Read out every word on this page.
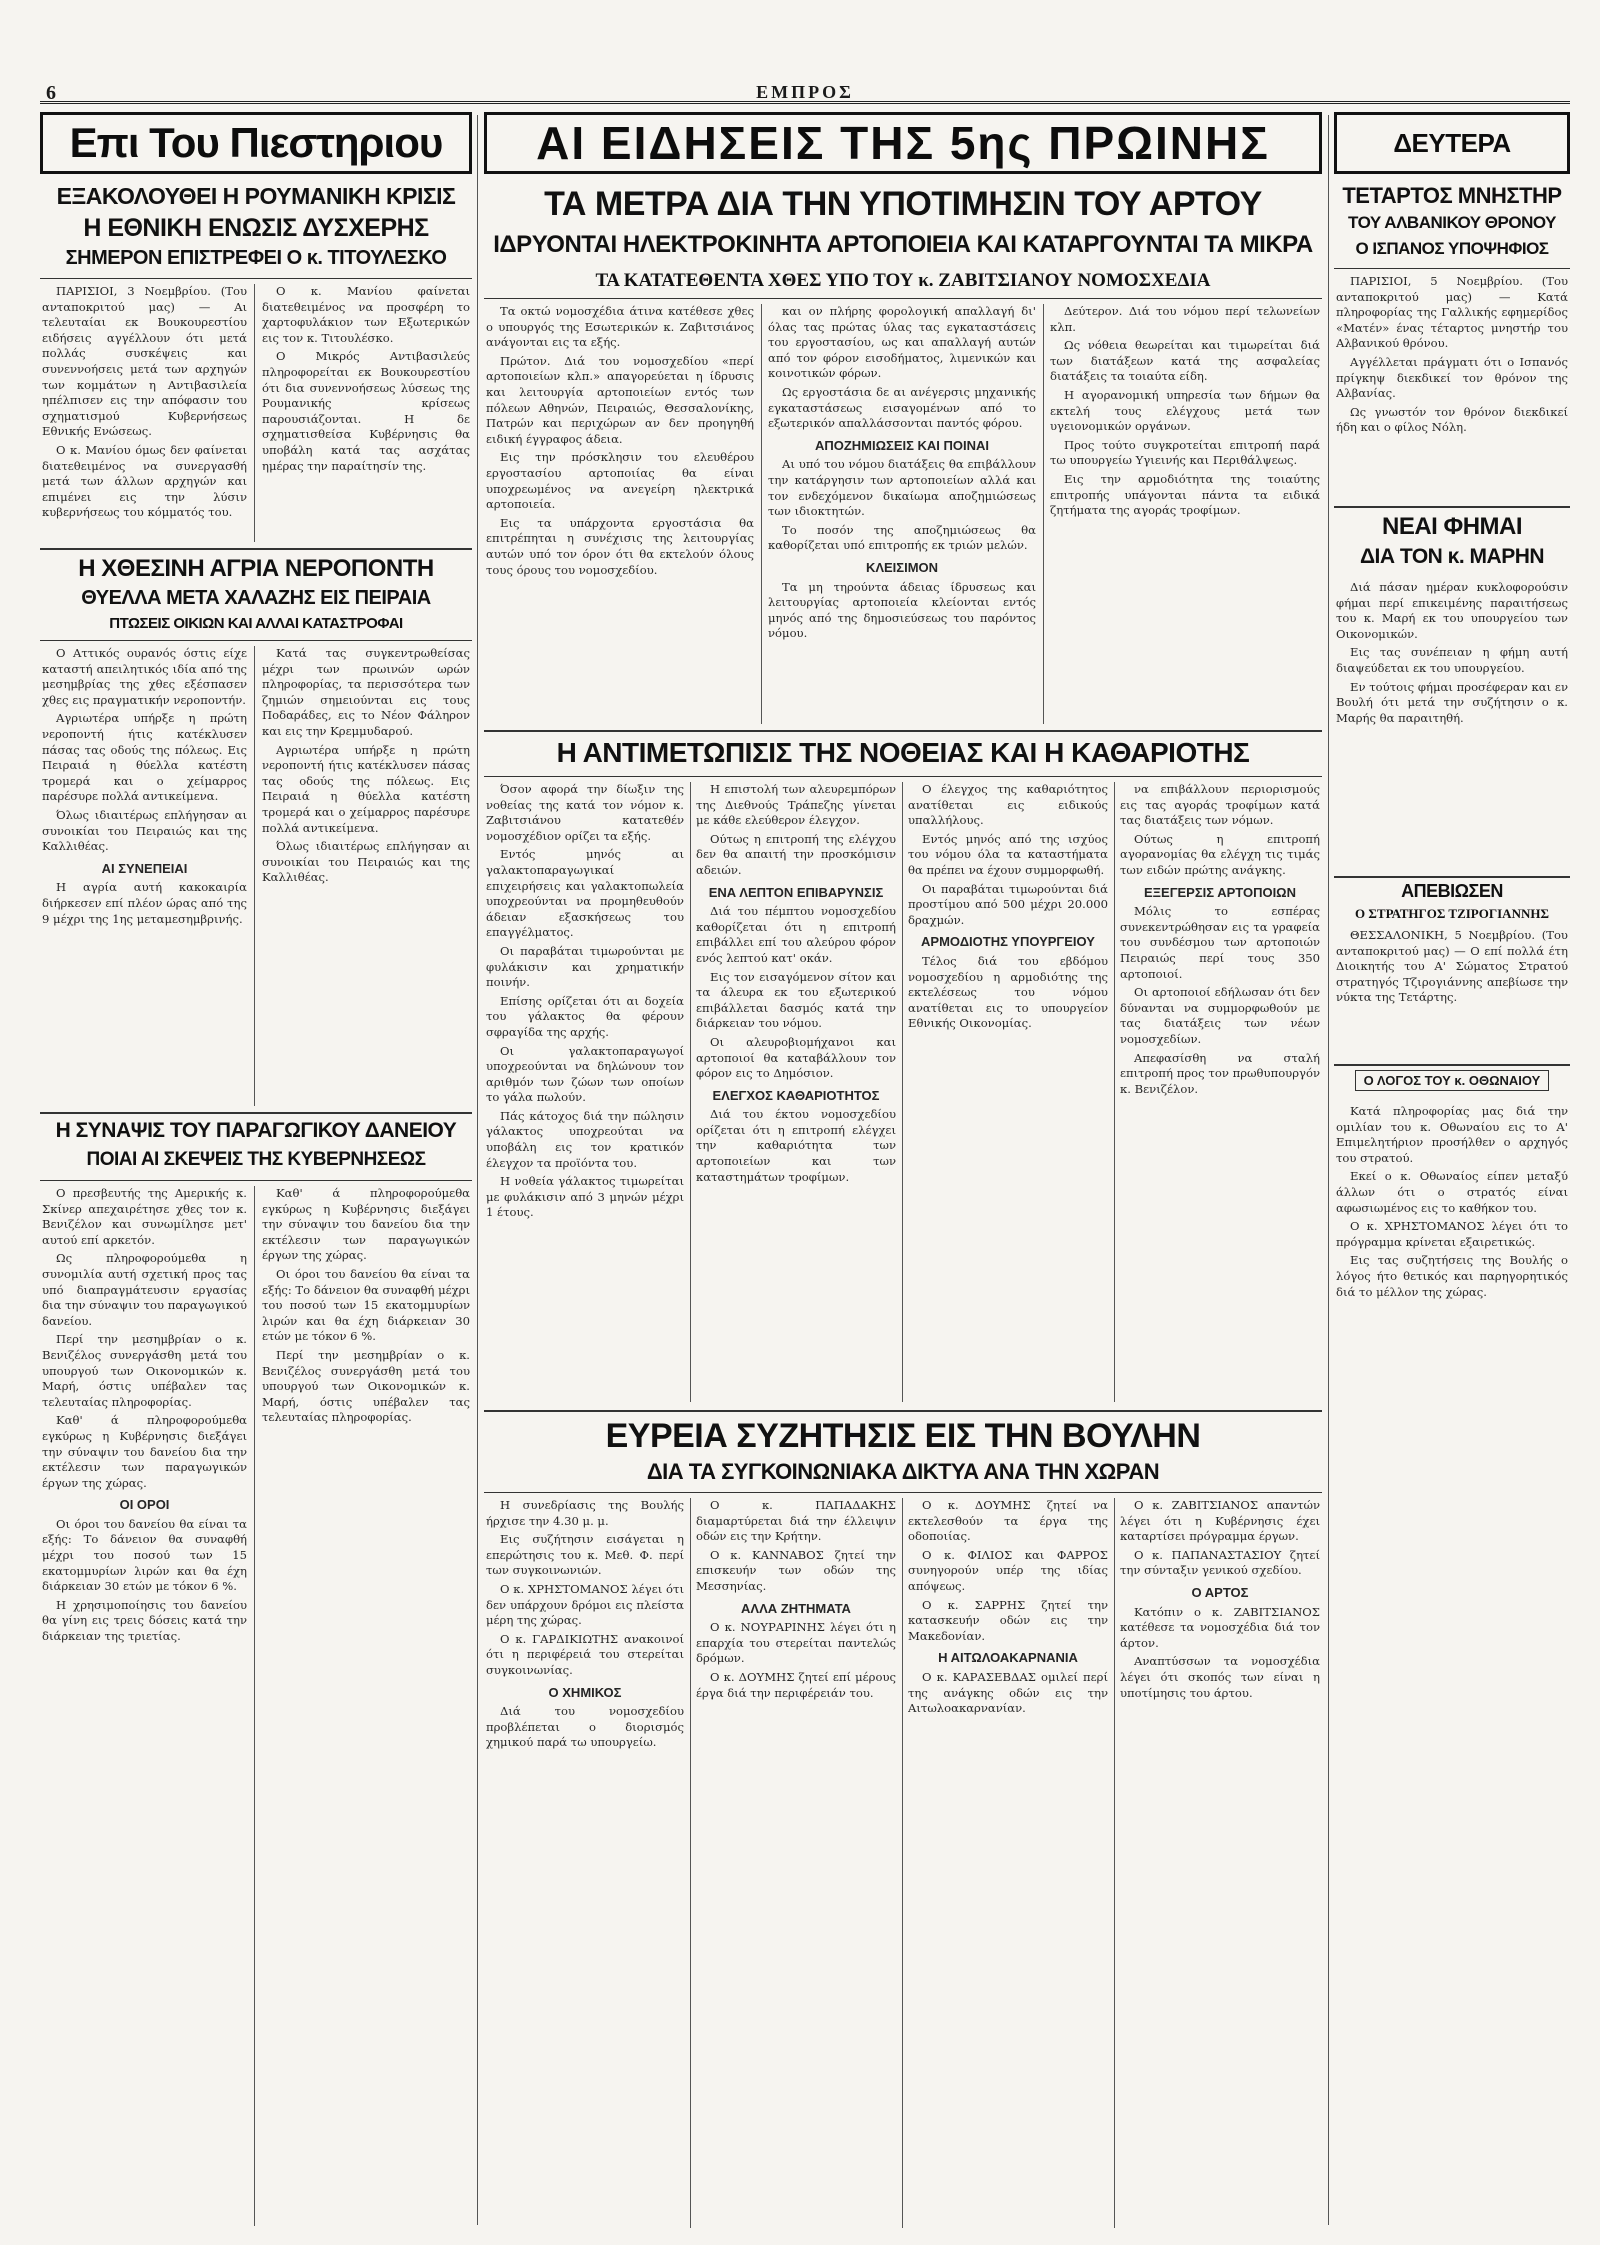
6	ΕΜΠΡΟΣ
Επι Του Πιεστηριου
ΕΞΑΚΟΛΟΥΘΕΙ Η ΡΟΥΜΑΝΙΚΗ ΚΡΙΣΙΣ
Η ΕΘΝΙΚΗ ΕΝΩΣΙΣ ΔΥΣΧΕΡΗΣ
ΣΗΜΕΡΟΝ ΕΠΙΣΤΡΕΦΕΙ Ο κ. ΤΙΤΟΥΛΕΣΚΟ

ΠΑΡΙΣΙΟΙ, 3 Νοεμβρίου. (Του ανταποκριτού μας) — Αι τελευταίαι εκ Βουκουρεστίου ειδήσεις αγγέλλουν ότι μετά πολλάς συσκέψεις και συνεννοήσεις μετά των αρχηγών των κομμάτων η Αντιβασιλεία ηπέλπισεν εις την απόφασιν του σχηματισμού Κυβερνήσεως Εθνικής Ενώσεως.

Ο κ. Μανίου όμως δεν φαίνεται διατεθειμένος να συνεργασθή μετά των άλλων αρχηγών και επιμένει εις την λύσιν κυβερνήσεως του κόμματός του.

Ο κ. Μανίου φαίνεται διατεθειμένος να προσφέρη το χαρτοφυλάκιον των Εξωτερικών εις τον κ. Τιτουλέσκο.

Ο Μικρός Αντιβασιλεύς πληροφορείται εκ Βουκουρεστίου ότι δια συνεννοήσεως λύσεως της Ρουμανικής κρίσεως παρουσιάζονται. Η δε σχηματισθείσα Κυβέρνησις θα υποβάλη κατά τας ασχάτας ημέρας την παραίτησίν της.

Η ΧΘΕΣΙΝΗ ΑΓΡΙΑ ΝΕΡΟΠΟΝΤΗ
ΘΥΕΛΛΑ ΜΕΤΑ ΧΑΛΑΖΗΣ ΕΙΣ ΠΕΙΡΑΙΑ
ΠΤΩΣΕΙΣ ΟΙΚΙΩΝ ΚΑΙ ΑΛΛΑΙ ΚΑΤΑΣΤΡΟΦΑΙ

Ο Αττικός ουρανός όστις είχε καταστή απειλητικός ιδία από της μεσημβρίας της χθες εξέσπασεν χθες εις πραγματικήν νεροποντήν.

Αγριωτέρα υπήρξε η πρώτη νεροποντή ήτις κατέκλυσεν πάσας τας οδούς της πόλεως. Εις Πειραιά η θύελλα κατέστη τρομερά και ο χείμαρρος παρέσυρε πολλά αντικείμενα.

Όλως ιδιαιτέρως επλήγησαν αι συνοικίαι του Πειραιώς και της Καλλιθέας.

ΑΙ ΣΥΝΕΠΕΙΑΙ

Η αγρία αυτή κακοκαιρία διήρκεσεν επί πλέον ώρας από της 9 μέχρι της 1ης μεταμεσημβρινής.

Κατά τας συγκεντρωθείσας μέχρι των πρωινών ωρών πληροφορίας, τα περισσότερα των ζημιών σημειούνται εις τους Ποδαράδες, εις το Νέον Φάληρον και εις την Κρεμμυδαρού.

Αγριωτέρα υπήρξε η πρώτη νεροποντή ήτις κατέκλυσεν πάσας τας οδούς της πόλεως. Εις Πειραιά η θύελλα κατέστη τρομερά και ο χείμαρρος παρέσυρε πολλά αντικείμενα.

Όλως ιδιαιτέρως επλήγησαν αι συνοικίαι του Πειραιώς και της Καλλιθέας.

Η ΣΥΝΑΨΙΣ ΤΟΥ ΠΑΡΑΓΩΓΙΚΟΥ ΔΑΝΕΙΟΥ
ΠΟΙΑΙ ΑΙ ΣΚΕΨΕΙΣ ΤΗΣ ΚΥΒΕΡΝΗΣΕΩΣ

Ο πρεσβευτής της Αμερικής κ. Σκίνερ απεχαιρέτησε χθες τον κ. Βενιζέλον και συνωμίλησε μετ' αυτού επί αρκετόν.

Ως πληροφορούμεθα η συνομιλία αυτή σχετική προς τας υπό διαπραγμάτευσιν εργασίας δια την σύναψιν του παραγωγικού δανείου.

Περί την μεσημβρίαν ο κ. Βενιζέλος συνεργάσθη μετά του υπουργού των Οικονομικών κ. Μαρή, όστις υπέβαλεν τας τελευταίας πληροφορίας.

Καθ' ά πληροφορούμεθα εγκύρως η Κυβέρνησις διεξάγει την σύναψιν του δανείου δια την εκτέλεσιν των παραγωγικών έργων της χώρας.

ΟΙ ΟΡΟΙ

Οι όροι του δανείου θα είναι τα εξής: Το δάνειον θα συναφθή μέχρι του ποσού των 15 εκατομμυρίων λιρών και θα έχη διάρκειαν 30 ετών με τόκον 6 %.

Η χρησιμοποίησις του δανείου θα γίνη εις τρεις δόσεις κατά την διάρκειαν της τριετίας.

Καθ' ά πληροφορούμεθα εγκύρως η Κυβέρνησις διεξάγει την σύναψιν του δανείου δια την εκτέλεσιν των παραγωγικών έργων της χώρας.

Οι όροι του δανείου θα είναι τα εξής: Το δάνειον θα συναφθή μέχρι του ποσού των 15 εκατομμυρίων λιρών και θα έχη διάρκειαν 30 ετών με τόκον 6 %.

Περί την μεσημβρίαν ο κ. Βενιζέλος συνεργάσθη μετά του υπουργού των Οικονομικών κ. Μαρή, όστις υπέβαλεν τας τελευταίας πληροφορίας.

ΑΙ ΕΙΔΗΣΕΙΣ ΤΗΣ 5ης ΠΡΩΙΝΗΣ
ΤΑ ΜΕΤΡΑ ΔΙΑ ΤΗΝ ΥΠΟΤΙΜΗΣΙΝ ΤΟΥ ΑΡΤΟΥ
ΙΔΡΥΟΝΤΑΙ ΗΛΕΚΤΡΟΚΙΝΗΤΑ ΑΡΤΟΠΟΙΕΙΑ ΚΑΙ ΚΑΤΑΡΓΟΥΝΤΑΙ ΤΑ ΜΙΚΡΑ
ΤΑ ΚΑΤΑΤΕΘΕΝΤΑ ΧΘΕΣ ΥΠΟ ΤΟΥ κ. ΖΑΒΙΤΣΙΑΝΟΥ ΝΟΜΟΣΧΕΔΙΑ

Τα οκτώ νομοσχέδια άτινα κατέθεσε χθες ο υπουργός της Εσωτερικών κ. Ζαβιτσιάνος ανάγονται εις τα εξής.

Πρώτον. Διά του νομοσχεδίου «περί αρτοποιείων κλπ.» απαγορεύεται η ίδρυσις και λειτουργία αρτοποιείων εντός των πόλεων Αθηνών, Πειραιώς, Θεσσαλονίκης, Πατρών και περιχώρων αν δεν προηγηθή ειδική έγγραφος άδεια.

Εις την πρόσκλησιν του ελευθέρου εργοστασίου αρτοποιίας θα είναι υποχρεωμένος να ανεγείρη ηλεκτρικά αρτοποιεία.

Εις τα υπάρχοντα εργοστάσια θα επιτρέπηται η συνέχισις της λειτουργίας αυτών υπό τον όρον ότι θα εκτελούν όλους τους όρους του νομοσχεδίου.

και ον πλήρης φορολογική απαλλαγή δι' όλας τας πρώτας ύλας τας εγκαταστάσεις του εργοστασίου, ως και απαλλαγή αυτών από τον φόρον εισοδήματος, λιμενικών και κοινοτικών φόρων.

Ως εργοστάσια δε αι ανέγερσις μηχανικής εγκαταστάσεως εισαγομένων από το εξωτερικόν απαλλάσσονται παντός φόρου.

ΑΠΟΖΗΜΙΩΣΕΙΣ ΚΑΙ ΠΟΙΝΑΙ

Αι υπό του νόμου διατάξεις θα επιβάλλουν την κατάργησιν των αρτοποιείων αλλά και τον ενδεχόμενον δικαίωμα αποζημιώσεως των ιδιοκτητών.

Το ποσόν της αποζημιώσεως θα καθορίζεται υπό επιτροπής εκ τριών μελών.

ΚΛΕΙΣΙΜΟΝ

Τα μη τηρούντα άδειας ίδρυσεως και λειτουργίας αρτοποιεία κλείονται εντός μηνός από της δημοσιεύσεως του παρόντος νόμου.

Δεύτερον. Διά του νόμου περί τελωνείων κλπ.

Ως νόθεια θεωρείται και τιμωρείται διά των διατάξεων κατά της ασφαλείας διατάξεις τα τοιαύτα είδη.

Η αγορανομική υπηρεσία των δήμων θα εκτελή τους ελέγχους μετά των υγειονομικών οργάνων.

Προς τούτο συγκροτείται επιτροπή παρά τω υπουργείω Υγιεινής και Περιθάλψεως.

Εις την αρμοδιότητα της τοιαύτης επιτροπής υπάγονται πάντα τα ειδικά ζητήματα της αγοράς τροφίμων.

Η ΑΝΤΙΜΕΤΩΠΙΣΙΣ ΤΗΣ ΝΟΘΕΙΑΣ ΚΑΙ Η ΚΑΘΑΡΙΟΤΗΣ

Όσον αφορά την δίωξιν της νοθείας της κατά τον νόμον κ. Ζαβιτσιάνου κατατεθέν νομοσχέδιον ορίζει τα εξής.

Εντός μηνός αι γαλακτοπαραγωγικαί επιχειρήσεις και γαλακτοπωλεία υποχρεούνται να προμηθευθούν άδειαν εξασκήσεως του επαγγέλματος.

Οι παραβάται τιμωρούνται με φυλάκισιν και χρηματικήν ποινήν.

Επίσης ορίζεται ότι αι δοχεία του γάλακτος θα φέρουν σφραγίδα της αρχής.

Οι γαλακτοπαραγωγοί υποχρεούνται να δηλώνουν τον αριθμόν των ζώων των οποίων το γάλα πωλούν.

Πάς κάτοχος διά την πώλησιν γάλακτος υποχρεούται να υποβάλη εις τον κρατικόν έλεγχον τα προϊόντα του.

Η νοθεία γάλακτος τιμωρείται με φυλάκισιν από 3 μηνών μέχρι 1 έτους.

Η επιστολή των αλευρεμπόρων της Διεθνούς Τράπεζης γίνεται με κάθε ελεύθερον έλεγχον.

Ούτως η επιτροπή της ελέγχου δεν θα απαιτή την προσκόμισιν αδειών.

ΕΝΑ ΛΕΠΤΟΝ ΕΠΙΒΑΡΥΝΣΙΣ

Διά του πέμπτου νομοσχεδίου καθορίζεται ότι η επιτροπή επιβάλλει επί του αλεύρου φόρον ενός λεπτού κατ' οκάν.

Εις τον εισαγόμενον σίτον και τα άλευρα εκ του εξωτερικού επιβάλλεται δασμός κατά την διάρκειαν του νόμου.

Οι αλευροβιομήχανοι και αρτοποιοί θα καταβάλλουν τον φόρον εις το Δημόσιον.

ΕΛΕΓΧΟΣ ΚΑΘΑΡΙΟΤΗΤΟΣ

Διά του έκτου νομοσχεδίου ορίζεται ότι η επιτροπή ελέγχει την καθαριότητα των αρτοποιείων και των καταστημάτων τροφίμων.

Ο έλεγχος της καθαριότητος ανατίθεται εις ειδικούς υπαλλήλους.

Εντός μηνός από της ισχύος του νόμου όλα τα καταστήματα θα πρέπει να έχουν συμμορφωθή.

Οι παραβάται τιμωρούνται διά προστίμου από 500 μέχρι 20.000 δραχμών.

ΑΡΜΟΔΙΟΤΗΣ ΥΠΟΥΡΓΕΙΟΥ

Τέλος διά του εβδόμου νομοσχεδίου η αρμοδιότης της εκτελέσεως του νόμου ανατίθεται εις το υπουργείον Εθνικής Οικονομίας.

να επιβάλλουν περιορισμούς εις τας αγοράς τροφίμων κατά τας διατάξεις των νόμων.

Ούτως η επιτροπή αγορανομίας θα ελέγχη τις τιμάς των ειδών πρώτης ανάγκης.

ΕΞΕΓΕΡΣΙΣ ΑΡΤΟΠΟΙΩΝ

Μόλις το εσπέρας συνεκεντρώθησαν εις τα γραφεία του συνδέσμου των αρτοποιών Πειραιώς περί τους 350 αρτοποιοί.

Οι αρτοποιοί εδήλωσαν ότι δεν δύνανται να συμμορφωθούν με τας διατάξεις των νέων νομοσχεδίων.

Απεφασίσθη να σταλή επιτροπή προς τον πρωθυπουργόν κ. Βενιζέλον.

ΕΥΡΕΙΑ ΣΥΖΗΤΗΣΙΣ ΕΙΣ ΤΗΝ ΒΟΥΛΗΝ
ΔΙΑ ΤΑ ΣΥΓΚΟΙΝΩΝΙΑΚΑ ΔΙΚΤΥΑ ΑΝΑ ΤΗΝ ΧΩΡΑΝ

Η συνεδρίασις της Βουλής ήρχισε την 4.30 μ. μ.

Εις συζήτησιν εισάγεται η επερώτησις του κ. Μεθ. Φ. περί των συγκοινωνιών.

Ο κ. ΧΡΗΣΤΟΜΑΝΟΣ λέγει ότι δεν υπάρχουν δρόμοι εις πλείστα μέρη της χώρας.

Ο κ. ΓΑΡΔΙΚΙΩΤΗΣ ανακοινοί ότι η περιφέρειά του στερείται συγκοινωνίας.

Ο ΧΗΜΙΚΟΣ

Διά του νομοσχεδίου προβλέπεται ο διορισμός χημικού παρά τω υπουργείω.

Ο κ. ΠΑΠΑΔΑΚΗΣ διαμαρτύρεται διά την έλλειψιν οδών εις την Κρήτην.

Ο κ. ΚΑΝΝΑΒΟΣ ζητεί την επισκευήν των οδών της Μεσσηνίας.

ΑΛΛΑ ΖΗΤΗΜΑΤΑ

Ο κ. ΝΟΥΡΑΡΙΝΗΣ λέγει ότι η επαρχία του στερείται παντελώς δρόμων.

Ο κ. ΔΟΥΜΗΣ ζητεί επί μέρους έργα διά την περιφέρειάν του.

Ο κ. ΔΟΥΜΗΣ ζητεί να εκτελεσθούν τα έργα της οδοποιίας.

Ο κ. ΦΙΛΙΟΣ και ΦΑΡΡΟΣ συνηγορούν υπέρ της ιδίας απόψεως.

Ο κ. ΣΑΡΡΗΣ ζητεί την κατασκευήν οδών εις την Μακεδονίαν.

Η ΑΙΤΩΛΟΑΚΑΡΝΑΝΙΑ

Ο κ. ΚΑΡΑΣΕΒΔΑΣ ομιλεί περί της ανάγκης οδών εις την Αιτωλοακαρνανίαν.

Ο κ. ΖΑΒΙΤΣΙΑΝΟΣ απαντών λέγει ότι η Κυβέρνησις έχει καταρτίσει πρόγραμμα έργων.

Ο κ. ΠΑΠΑΝΑΣΤΑΣΙΟΥ ζητεί την σύνταξιν γενικού σχεδίου.

Ο ΑΡΤΟΣ

Κατόπιν ο κ. ΖΑΒΙΤΣΙΑΝΟΣ κατέθεσε τα νομοσχέδια διά τον άρτον.

Αναπτύσσων τα νομοσχέδια λέγει ότι σκοπός των είναι η υποτίμησις του άρτου.

ΔΕΥΤΕΡΑ
ΤΕΤΑΡΤΟΣ ΜΝΗΣΤΗΡ
ΤΟΥ ΑΛΒΑΝΙΚΟΥ ΘΡΟΝΟΥ
Ο ΙΣΠΑΝΟΣ ΥΠΟΨΗΦΙΟΣ

ΠΑΡΙΣΙΟΙ, 5 Νοεμβρίου. (Του ανταποκριτού μας) — Κατά πληροφορίας της Γαλλικής εφημερίδος «Ματέν» ένας τέταρτος μνηστήρ του Αλβανικού θρόνου.

Αγγέλλεται πράγματι ότι ο Ισπανός πρίγκηψ διεκδικεί τον θρόνον της Αλβανίας.

Ως γνωστόν τον θρόνον διεκδικεί ήδη και ο φίλος Νόλη.

ΝΕΑΙ ΦΗΜΑΙ
ΔΙΑ ΤΟΝ κ. ΜΑΡΗΝ

Διά πάσαν ημέραν κυκλοφορούσιν φήμαι περί επικειμένης παραιτήσεως του κ. Μαρή εκ του υπουργείου των Οικονομικών.

Εις τας συνέπειαν η φήμη αυτή διαψεύδεται εκ του υπουργείου.

Εν τούτοις φήμαι προσέφεραν και εν Βουλή ότι μετά την συζήτησιν ο κ. Μαρής θα παραιτηθή.

ΑΠΕΒΙΩΣΕΝ
Ο ΣΤΡΑΤΗΓΟΣ ΤΖΙΡΟΓΙΑΝΝΗΣ

ΘΕΣΣΑΛΟΝΙΚΗ, 5 Νοεμβρίου. (Του ανταποκριτού μας) — Ο επί πολλά έτη Διοικητής του Α' Σώματος Στρατού στρατηγός Τζιρογιάννης απεβίωσε την νύκτα της Τετάρτης.

Ο ΛΟΓΟΣ ΤΟΥ κ. ΟΘΩΝΑΙΟΥ

Κατά πληροφορίας μας διά την ομιλίαν του κ. Οθωναίου εις το Α' Επιμελητήριον προσήλθεν ο αρχηγός του στρατού.

Εκεί ο κ. Οθωναίος είπεν μεταξύ άλλων ότι ο στρατός είναι αφωσιωμένος εις το καθήκον του.

Ο κ. ΧΡΗΣΤΟΜΑΝΟΣ λέγει ότι το πρόγραμμα κρίνεται εξαιρετικώς.

Εις τας συζητήσεις της Βουλής ο λόγος ήτο θετικός και παρηγορητικός διά το μέλλον της χώρας.
